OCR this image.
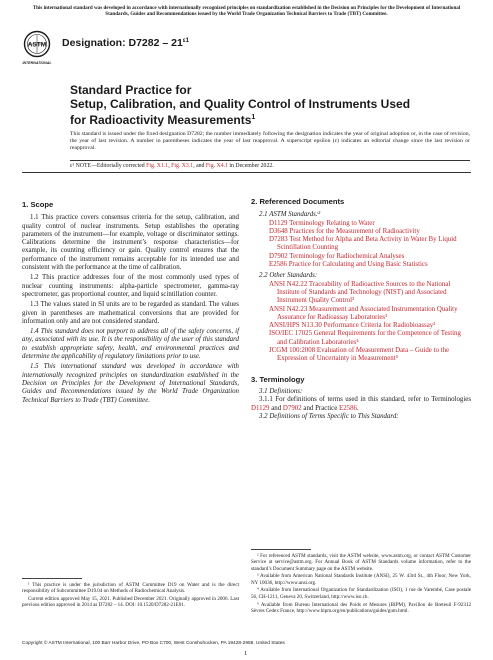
This international standard was developed in accordance with internationally recognized principles on standardization established in the Decision on Principles for the Development of International Standards, Guides and Recommendations issued by the World Trade Organization Technical Barriers to Trade (TBT) Committee.
ASTM
INTERNATIONAL
Designation: $D7282 - 21^{\varepsilon 1}$
Standard Practice for
Setup, Calibration, and Quality Control of Instruments Used
for Radioactivity Measurements$^1$
This standard is issued under the fixed designation D7282; the number immediately following the designation indicates the year of original adoption or, in the case of revision, the year of last revision. A number in parentheses indicates the year of last reapproval. A superscript epsilon (ε) indicates an editorial change since the last revision or reapproval.
ε¹ NOTE—Editorially corrected Fig. X1.1, Fig. X3.1, and Fig. X4.1 in December 2022.
1. Scope

1.1 This practice covers consensus criteria for the setup, calibration, and quality control of nuclear instruments. Setup establishes the operating parameters of the instrument—for example, voltage or discriminator settings. Calibrations determine the instrument’s response characteristics—for example, its counting efficiency or gain. Quality control ensures that the performance of the instrument remains acceptable for its intended use and consistent with the performance at the time of calibration.

1.2 This practice addresses four of the most commonly used types of nuclear counting instruments: alpha-particle spectrometer, gamma-ray spectrometer, gas proportional counter, and liquid scintillation counter.

1.3 The values stated in SI units are to be regarded as standard. The values given in parentheses are mathematical conversions that are provided for information only and are not considered standard.

1.4 This standard does not purport to address all of the safety concerns, if any, associated with its use. It is the responsibility of the user of this standard to establish appropriate safety, health, and environmental practices and determine the applicability of regulatory limitations prior to use.

1.5 This international standard was developed in accordance with internationally recognized principles on standardization established in the Decision on Principles for the Development of International Standards, Guides and Recommendations issued by the World Trade Organization Technical Barriers to Trade (TBT) Committee.

¹ This practice is under the jurisdiction of ASTM Committee D19 on Water and is the direct responsibility of Subcommittee D19.04 on Methods of Radiochemical Analysis.

Current edition approved May 15, 2021. Published December 2021. Originally approved in 2006. Last previous edition approved in 2014 as D7282 – 14. DOI: 10.1520/D7282-21E01.

2. Referenced Documents
2.1 ASTM Standards:²
D1129 Terminology Relating to Water
D3648 Practices for the Measurement of Radioactivity
D7283 Test Method for Alpha and Beta Activity in Water By Liquid Scintillation Counting
D7902 Terminology for Radiochemical Analyses
E2586 Practice for Calculating and Using Basic Statistics
2.2 Other Standards:
ANSI N42.22 Traceability of Radioactive Sources to the National Institute of Standards and Technology (NIST) and Associated Instrument Quality Control³
ANSI N42.23 Measurement and Associated Instrumentation Quality Assurance for Radioassay Laboratories³
ANSI/HPS N13.30 Performance Criteria for Radiobioassay³
ISO/IEC 17025 General Requirements for the Competence of Testing and Calibration Laboratories⁴
JCGM 100:2008 Evaluation of Measurement Data – Guide to the Expression of Uncertainty in Measurement⁵
3. Terminology

3.1 Definitions:

3.1.1 For definitions of terms used in this standard, refer to Terminologies D1129 and D7902 and Practice E2586.

3.2 Definitions of Terms Specific to This Standard:

² For referenced ASTM standards, visit the ASTM website, www.astm.org, or contact ASTM Customer Service at service@astm.org. For Annual Book of ASTM Standards volume information, refer to the standard’s Document Summary page on the ASTM website.

³ Available from American National Standards Institute (ANSI), 25 W. 43rd St., 4th Floor, New York, NY 10036, http://www.ansi.org.

⁴ Available from International Organization for Standardization (ISO), 1 rue de Varembé, Case postale 56, CH-1211, Geneva 20, Switzerland, http://www.iso.ch.

⁵ Available from Bureau International des Poids et Mesures (BIPM), Pavillon de Breteuil F-92312 Sèvres Cedex France, http://www.bipm.org/en/publications/guides/gum.html.

Copyright © ASTM International, 100 Barr Harbor Drive, PO Box C700, West Conshohocken, PA 19428-2959. United States
1
